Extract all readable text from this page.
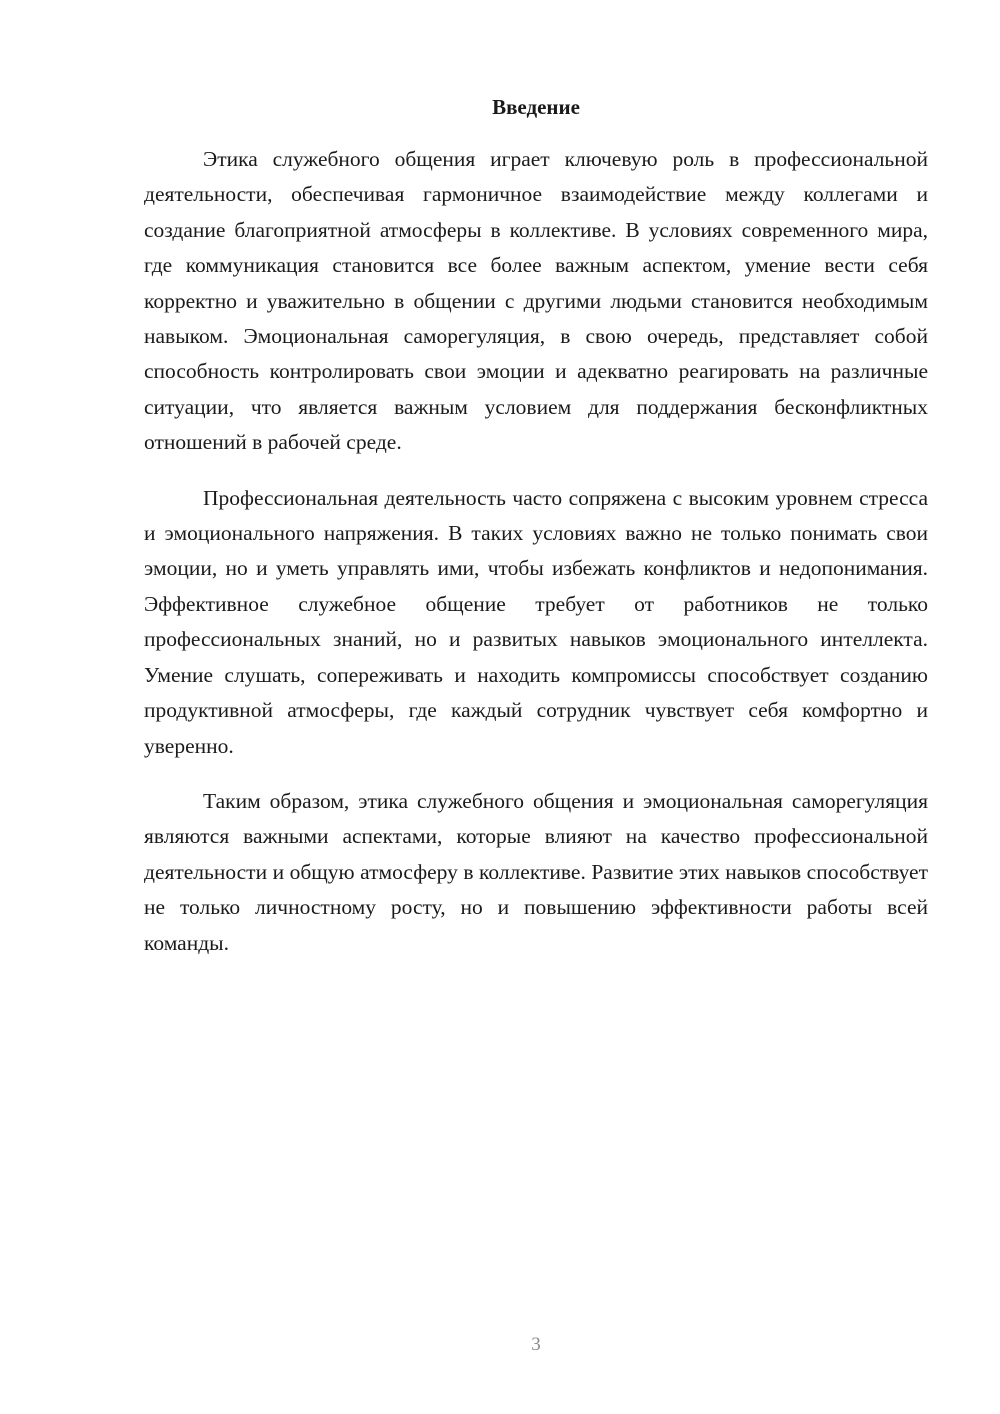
Введение

Этика служебного общения играет ключевую роль в профессиональной деятельности, обеспечивая гармоничное взаимодействие между коллегами и создание благоприятной атмосферы в коллективе. В условиях современного мира, где коммуникация становится все более важным аспектом, умение вести себя корректно и уважительно в общении с другими людьми становится необходимым навыком. Эмоциональная саморегуляция, в свою очередь, представляет собой способность контролировать свои эмоции и адекватно реагировать на различные ситуации, что является важным условием для поддержания бесконфликтных отношений в рабочей среде.

Профессиональная деятельность часто сопряжена с высоким уровнем стресса и эмоционального напряжения. В таких условиях важно не только понимать свои эмоции, но и уметь управлять ими, чтобы избежать конфликтов и недопонимания. Эффективное служебное общение требует от работников не только профессиональных знаний, но и развитых навыков эмоционального интеллекта. Умение слушать, сопереживать и находить компромиссы способствует созданию продуктивной атмосферы, где каждый сотрудник чувствует себя комфортно и уверенно.

Таким образом, этика служебного общения и эмоциональная саморегуляция являются важными аспектами, которые влияют на качество профессиональной деятельности и общую атмосферу в коллективе. Развитие этих навыков способствует не только личностному росту, но и повышению эффективности работы всей команды.

3
